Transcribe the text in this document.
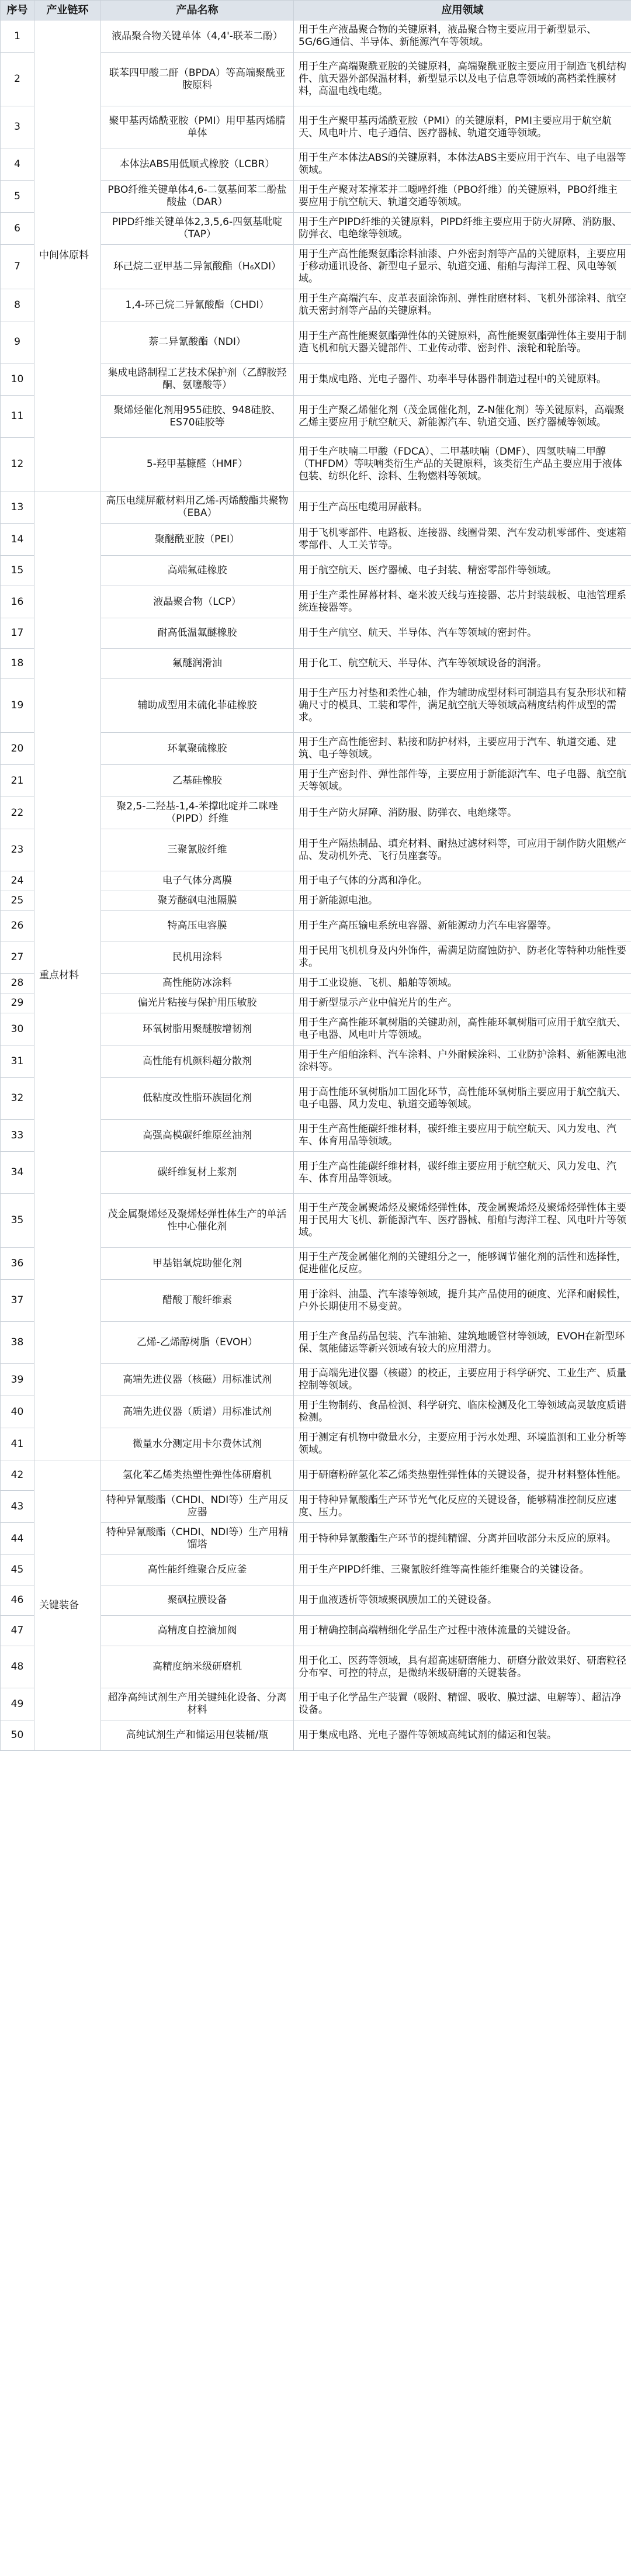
序号	产业链环	产品名称	应用领域
1	中间体原料	液晶聚合物关键单体（4,4'-联苯二酚）	用于生产液晶聚合物的关键原料，液晶聚合物主要应用于新型显示、5G/6G通信、半导体、新能源汽车等领域。
2		联苯四甲酸二酐（BPDA）等高端聚酰亚胺原料	用于生产高端聚酰亚胺的关键原料，高端聚酰亚胺主要应用于制造飞机结构件、航天器外部保温材料，新型显示以及电子信息等领域的高档柔性膜材料，高温电线电缆。
3		聚甲基丙烯酰亚胺（PMI）用甲基丙烯腈单体	用于生产聚甲基丙烯酰亚胺（PMI）的关键原料，PMI主要应用于航空航天、风电叶片、电子通信、医疗器械、轨道交通等领域。
4		本体法ABS用低顺式橡胶（LCBR）	用于生产本体法ABS的关键原料，本体法ABS主要应用于汽车、电子电器等领域。
5		PBO纤维关键单体4,6-二氨基间苯二酚盐酸盐（DAR）	用于生产聚对苯撑苯并二噁唑纤维（PBO纤维）的关键原料，PBO纤维主要应用于航空航天、轨道交通等领域。
6		PIPD纤维关键单体2,3,5,6-四氨基吡啶（TAP）	用于生产PIPD纤维的关键原料，PIPD纤维主要应用于防火屏障、消防服、防弹衣、电绝缘等领域。
7		环己烷二亚甲基二异氰酸酯（H₆XDI）	用于生产高性能聚氨酯涂料油漆、户外密封剂等产品的关键原料，主要应用于移动通讯设备、新型电子显示、轨道交通、船舶与海洋工程、风电等领域。
8		1,4-环己烷二异氰酸酯（CHDI）	用于生产高端汽车、皮革表面涂饰剂、弹性耐磨材料、飞机外部涂料、航空航天密封剂等产品的关键原料。
9		萘二异氰酸酯（NDI）	用于生产高性能聚氨酯弹性体的关键原料，高性能聚氨酯弹性体主要用于制造飞机和航天器关键部件、工业传动带、密封件、滚轮和轮胎等。
10		集成电路制程工艺技术保护剂（乙醇胺羟酮、氨噻酸等）	用于集成电路、光电子器件、功率半导体器件制造过程中的关键原料。
11		聚烯烃催化剂用955硅胶、948硅胶、ES70硅胶等	用于生产聚乙烯催化剂（茂金属催化剂，Z-N催化剂）等关键原料，高端聚乙烯主要应用于航空航天、新能源汽车、轨道交通、医疗器械等领域。
12		5-羟甲基糠醛（HMF）	用于生产呋喃二甲酸（FDCA）、二甲基呋喃（DMF）、四氢呋喃二甲醇（THFDM）等呋喃类衍生产品的关键原料，该类衍生产品主要应用于液体包装、纺织化纤、涂料、生物燃料等领域。
13	重点材料	高压电缆屏蔽材料用乙烯-丙烯酸酯共聚物（EBA）	用于生产高压电缆用屏蔽料。
14		聚醚酰亚胺（PEI）	用于飞机零部件、电路板、连接器、线圈骨架、汽车发动机零部件、变速箱零部件、人工关节等。
15		高端氟硅橡胶	用于航空航天、医疗器械、电子封装、精密零部件等领域。
16		液晶聚合物（LCP）	用于生产柔性屏幕材料、毫米波天线与连接器、芯片封装载板、电池管理系统连接器等。
17		耐高低温氟醚橡胶	用于生产航空、航天、半导体、汽车等领域的密封件。
18		氟醚润滑油	用于化工、航空航天、半导体、汽车等领域设备的润滑。
19		辅助成型用未硫化菲硅橡胶	用于生产压力衬垫和柔性心轴，作为辅助成型材料可制造具有复杂形状和精确尺寸的模具、工装和零件，满足航空航天等领域高精度结构件成型的需求。
20		环氧聚硫橡胶	用于生产高性能密封、粘接和防护材料，主要应用于汽车、轨道交通、建筑、电子等领域。
21		乙基硅橡胶	用于生产密封件、弹性部件等，主要应用于新能源汽车、电子电器、航空航天等领域。
22		聚2,5-二羟基-1,4-苯撑吡啶并二咪唑（PIPD）纤维	用于生产防火屏障、消防服、防弹衣、电绝缘等。
23		三聚氰胺纤维	用于生产隔热制品、填充材料、耐热过滤材料等，可应用于制作防火阻燃产品、发动机外壳、飞行员座套等。
24		电子气体分离膜	用于电子气体的分离和净化。
25		聚芳醚砜电池隔膜	用于新能源电池。
26		特高压电容膜	用于生产高压输电系统电容器、新能源动力汽车电容器等。
27		民机用涂料	用于民用飞机机身及内外饰件，需满足防腐蚀防护、防老化等特种功能性要求。
28		高性能防冰涂料	用于工业设施、飞机、船舶等领域。
29		偏光片粘接与保护用压敏胶	用于新型显示产业中偏光片的生产。
30		环氧树脂用聚醚胺增韧剂	用于生产高性能环氧树脂的关键助剂，高性能环氧树脂可应用于航空航天、电子电器、风电叶片等领域。
31		高性能有机颜料超分散剂	用于生产船舶涂料、汽车涂料、户外耐候涂料、工业防护涂料、新能源电池涂料等。
32		低粘度改性脂环族固化剂	用于高性能环氧树脂加工固化环节，高性能环氧树脂主要应用于航空航天、电子电器、风力发电、轨道交通等领域。
33		高强高模碳纤维原丝油剂	用于生产高性能碳纤维材料，碳纤维主要应用于航空航天、风力发电、汽车、体育用品等领域。
34		碳纤维复材上浆剂	用于生产高性能碳纤维材料，碳纤维主要应用于航空航天、风力发电、汽车、体育用品等领域。
35		茂金属聚烯烃及聚烯烃弹性体生产的单活性中心催化剂	用于生产茂金属聚烯烃及聚烯烃弹性体，茂金属聚烯烃及聚烯烃弹性体主要用于民用大飞机、新能源汽车、医疗器械、船舶与海洋工程、风电叶片等领域。
36		甲基铝氧烷助催化剂	用于生产茂金属催化剂的关键组分之一，能够调节催化剂的活性和选择性，促进催化反应。
37		醋酸丁酸纤维素	用于涂料、油墨、汽车漆等领域，提升其产品使用的硬度、光泽和耐候性，户外长期使用不易变黄。
38		乙烯-乙烯醇树脂（EVOH）	用于生产食品药品包装、汽车油箱、建筑地暖管材等领域，EVOH在新型环保、氢能储运等新兴领域有较大的应用潜力。
39		高端先进仪器（核磁）用标准试剂	用于高端先进仪器（核磁）的校正，主要应用于科学研究、工业生产、质量控制等领域。
40		高端先进仪器（质谱）用标准试剂	用于生物制药、食品检测、科学研究、临床检测及化工等领域高灵敏度质谱检测。
41		微量水分测定用卡尔费休试剂	用于测定有机物中微量水分，主要应用于污水处理、环境监测和工业分析等领域。
42	关键装备	氢化苯乙烯类热塑性弹性体研磨机	用于研磨粉碎氢化苯乙烯类热塑性弹性体的关键设备，提升材料整体性能。
43		特种异氰酸酯（CHDI、NDI等）生产用反应器	用于特种异氰酸酯生产环节光气化反应的关键设备，能够精准控制反应速度、压力。
44		特种异氰酸酯（CHDI、NDI等）生产用精馏塔	用于特种异氰酸酯生产环节的提纯精馏、分离并回收部分未反应的原料。
45		高性能纤维聚合反应釜	用于生产PIPD纤维、三聚氰胺纤维等高性能纤维聚合的关键设备。
46		聚砜拉膜设备	用于血液透析等领域聚砜膜加工的关键设备。
47		高精度自控滴加阀	用于精确控制高端精细化学品生产过程中液体流量的关键设备。
48		高精度纳米级研磨机	用于化工、医药等领域，具有超高速研磨能力、研磨分散效果好、研磨粒径分布窄、可控的特点，是微纳米级研磨的关键装备。
49		超净高纯试剂生产用关键纯化设备、分离材料	用于电子化学品生产装置（吸附、精馏、吸收、膜过滤、电解等）、超洁净设备。
50		高纯试剂生产和储运用包装桶/瓶	用于集成电路、光电子器件等领域高纯试剂的储运和包装。
